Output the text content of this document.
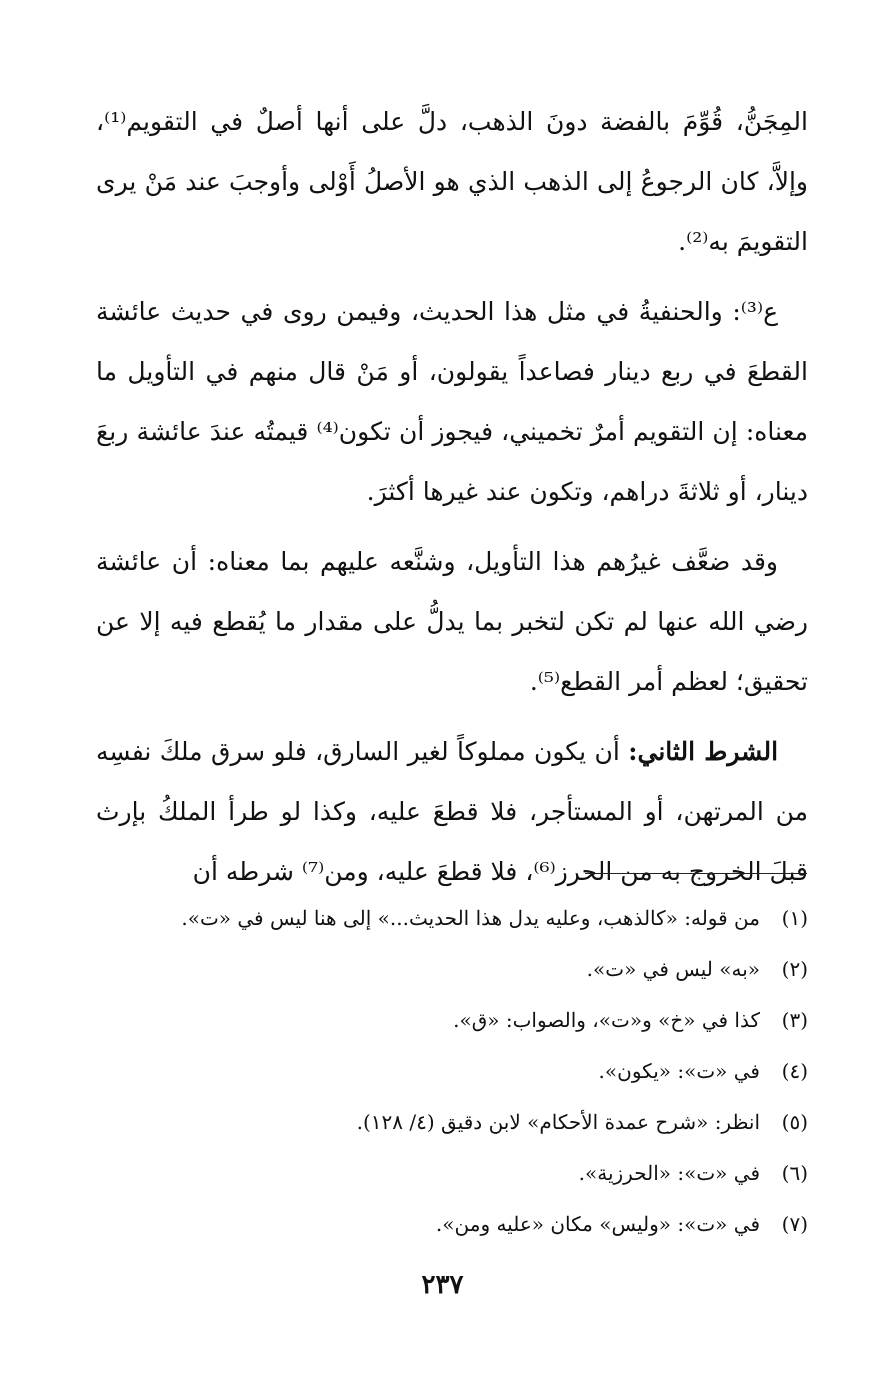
المِجَنُّ، قُوِّمَ بالفضة دونَ الذهب، دلَّ على أنها أصلٌ في التقويم⁽¹⁾، وإلاَّ، كان الرجوعُ إلى الذهب الذي هو الأصلُ أَوْلى وأوجبَ عند مَنْ يرى التقويمَ به⁽²⁾.

ع⁽³⁾: والحنفيةُ في مثل هذا الحديث، وفيمن روى في حديث عائشة القطعَ في ربع دينار فصاعداً يقولون، أو مَنْ قال منهم في التأويل ما معناه: إن التقويم أمرٌ تخميني، فيجوز أن تكون⁽⁴⁾ قيمتُه عندَ عائشة ربعَ دينار، أو ثلاثةَ دراهم، وتكون عند غيرها أكثرَ.

وقد ضعَّف غيرُهم هذا التأويل، وشنَّعه عليهم بما معناه: أن عائشة رضي الله عنها لم تكن لتخبر بما يدلُّ على مقدار ما يُقطع فيه إلا عن تحقيق؛ لعظم أمر القطع⁽⁵⁾.

الشرط الثاني: أن يكون مملوكاً لغير السارق، فلو سرق ملكَ نفسِه من المرتهن، أو المستأجر، فلا قطعَ عليه، وكذا لو طرأ الملكُ بإرث قبلَ الخروج به من الحرز⁽⁶⁾، فلا قطعَ عليه، ومن⁽⁷⁾ شرطه أن

(١)
من قوله: «كالذهب، وعليه يدل هذا الحديث...» إلى هنا ليس في «ت».
(٢)
«به» ليس في «ت».
(٣)
كذا في «خ» و«ت»، والصواب: «ق».
(٤)
في «ت»: «يكون».
(٥)
انظر: «شرح عمدة الأحكام» لابن دقيق (٤/ ١٢٨).
(٦)
في «ت»: «الحرزية».
(٧)
في «ت»: «وليس» مكان «عليه ومن».
٢٣٧
